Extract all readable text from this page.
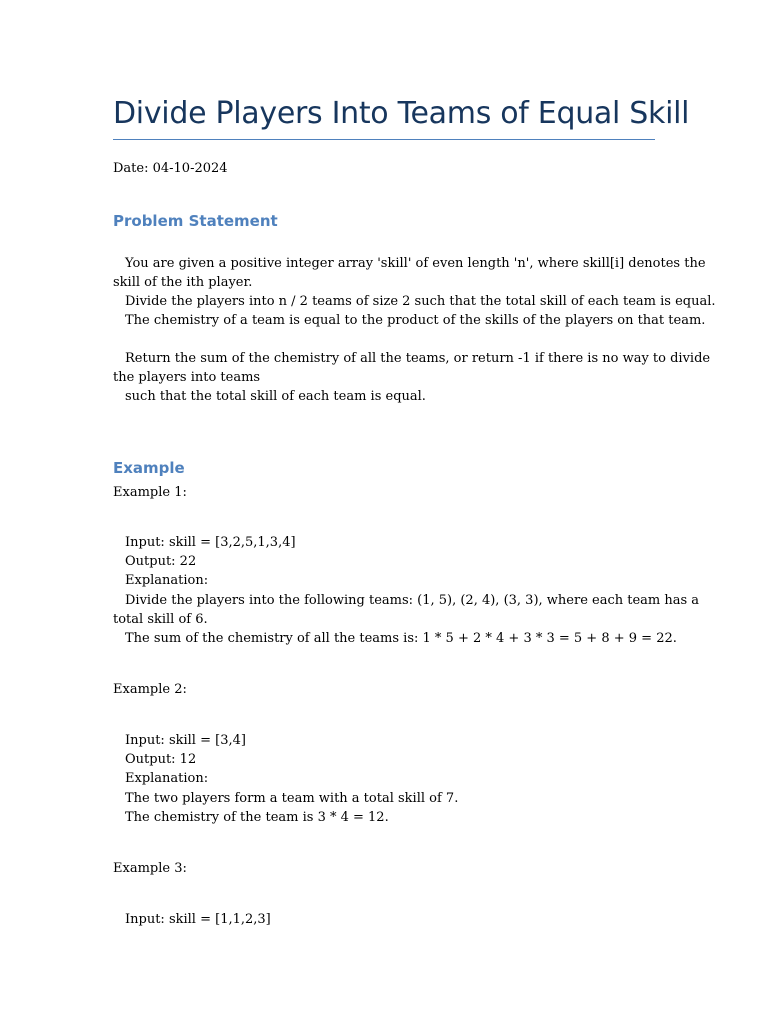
Divide Players Into Teams of Equal Skill
Date: 04-10-2024
Problem Statement
You are given a positive integer array 'skill' of even length 'n', where skill[i] denotes the
skill of the ith player.
Divide the players into n / 2 teams of size 2 such that the total skill of each team is equal.
The chemistry of a team is equal to the product of the skills of the players on that team.
Return the sum of the chemistry of all the teams, or return -1 if there is no way to divide
the players into teams
such that the total skill of each team is equal.
Example
Example 1:
Input: skill = [3,2,5,1,3,4]
Output: 22
Explanation:
Divide the players into the following teams: (1, 5), (2, 4), (3, 3), where each team has a
total skill of 6.
The sum of the chemistry of all the teams is: 1 * 5 + 2 * 4 + 3 * 3 = 5 + 8 + 9 = 22.
Example 2:
Input: skill = [3,4]
Output: 12
Explanation:
The two players form a team with a total skill of 7.
The chemistry of the team is 3 * 4 = 12.
Example 3:
Input: skill = [1,1,2,3]
